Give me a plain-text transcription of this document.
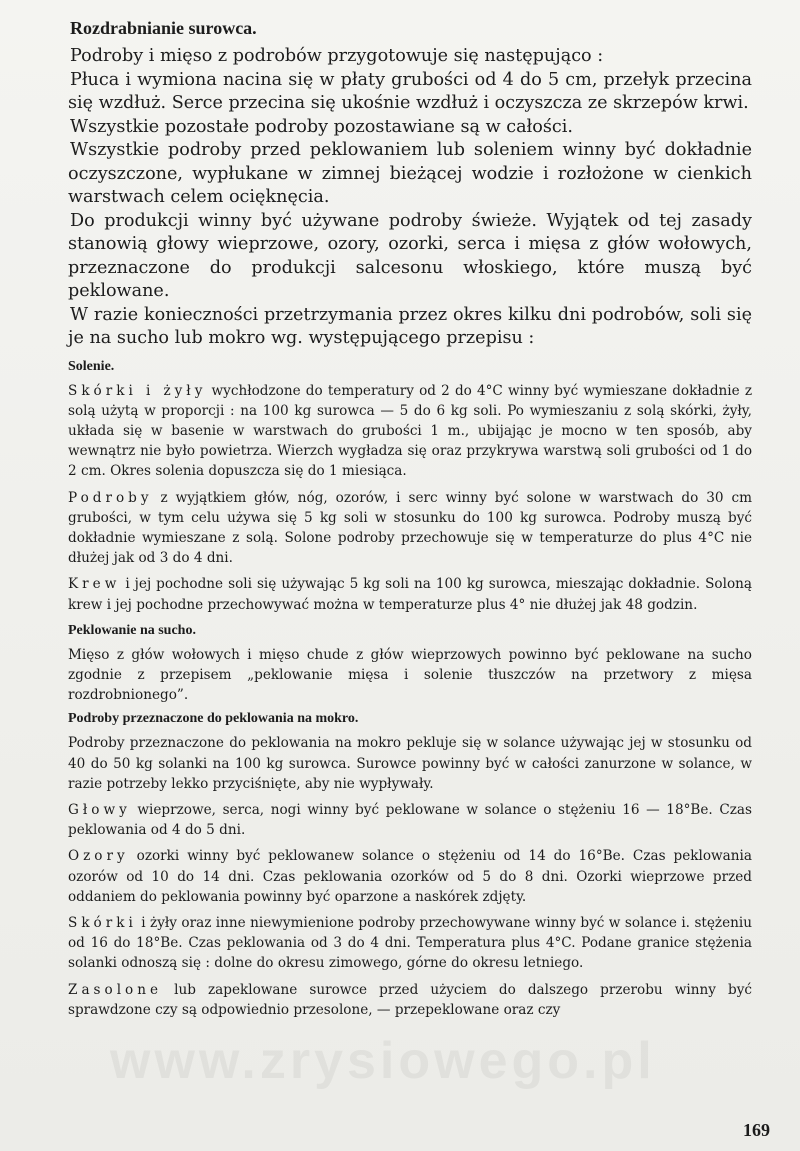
Rozdrabnianie surowca.

Podroby i mięso z podrobów przygotowuje się następująco :

Płuca i wymiona nacina się w płaty grubości od 4 do 5 cm, przełyk przecina się wzdłuż. Serce przecina się ukośnie wzdłuż i oczyszcza ze skrzepów krwi.

Wszystkie pozostałe podroby pozostawiane są w całości.

Wszystkie podroby przed peklowaniem lub soleniem winny być dokładnie oczyszczone, wypłukane w zimnej bieżącej wodzie i rozłożone w cienkich warstwach celem ocięknęcia.

Do produkcji winny być używane podroby świeże. Wyjątek od tej zasady stanowią głowy wieprzowe, ozory, ozorki, serca i mięsa z głów wołowych, przeznaczone do produkcji salcesonu włoskiego, które muszą być peklowane.

W razie konieczności przetrzymania przez okres kilku dni podrobów, soli się je na sucho lub mokro wg. występującego przepisu :

Solenie.

Skórki i żyły wychłodzone do temperatury od 2 do 4°C winny być wymieszane dokładnie z solą użytą w proporcji : na 100 kg surowca — 5 do 6 kg soli. Po wymieszaniu z solą skórki, żyły, układa się w basenie w warstwach do grubości 1 m., ubijając je mocno w ten sposób, aby wewnątrz nie było powietrza. Wierzch wygładza się oraz przykrywa warstwą soli grubości od 1 do 2 cm. Okres solenia dopuszcza się do 1 miesiąca.

Podroby z wyjątkiem głów, nóg, ozorów, i serc winny być solone w warstwach do 30 cm grubości, w tym celu używa się 5 kg soli w stosunku do 100 kg surowca. Podroby muszą być dokładnie wymieszane z solą. Solone podroby przechowuje się w temperaturze do plus 4°C nie dłużej jak od 3 do 4 dni.

Krew i jej pochodne soli się używając 5 kg soli na 100 kg surowca, mieszając dokładnie. Soloną krew i jej pochodne przechowywać można w temperaturze plus 4° nie dłużej jak 48 godzin.

Peklowanie na sucho.

Mięso z głów wołowych i mięso chude z głów wieprzowych powinno być peklowane na sucho zgodnie z przepisem „peklowanie mięsa i solenie tłuszczów na przetwory z mięsa rozdrobnionego”.

Podroby przeznaczone do peklowania na mokro.

Podroby przeznaczone do peklowania na mokro pekluje się w solance używając jej w stosunku od 40 do 50 kg solanki na 100 kg surowca. Surowce powinny być w całości zanurzone w solance, w razie potrzeby lekko przyciśnięte, aby nie wypływały.

Głowy wieprzowe, serca, nogi winny być peklowane w solance o stężeniu 16 — 18°Be. Czas peklowania od 4 do 5 dni.

Ozory ozorki winny być peklowanew solance o stężeniu od 14 do 16°Be. Czas peklowania ozorów od 10 do 14 dni. Czas peklowania ozorków od 5 do 8 dni. Ozorki wieprzowe przed oddaniem do peklowania powinny być oparzone a naskórek zdjęty.

Skórki i żyły oraz inne niewymienione podroby przechowywane winny być w solance i. stężeniu od 16 do 18°Be. Czas peklowania od 3 do 4 dni. Temperatura plus 4°C. Podane granice stężenia solanki odnoszą się : dolne do okresu zimowego, górne do okresu letniego.

Zasolone lub zapeklowane surowce przed użyciem do dalszego przerobu winny być sprawdzone czy są odpowiednio przesolone, — przepeklowane oraz czy

www.zrysiowego.pl
169
